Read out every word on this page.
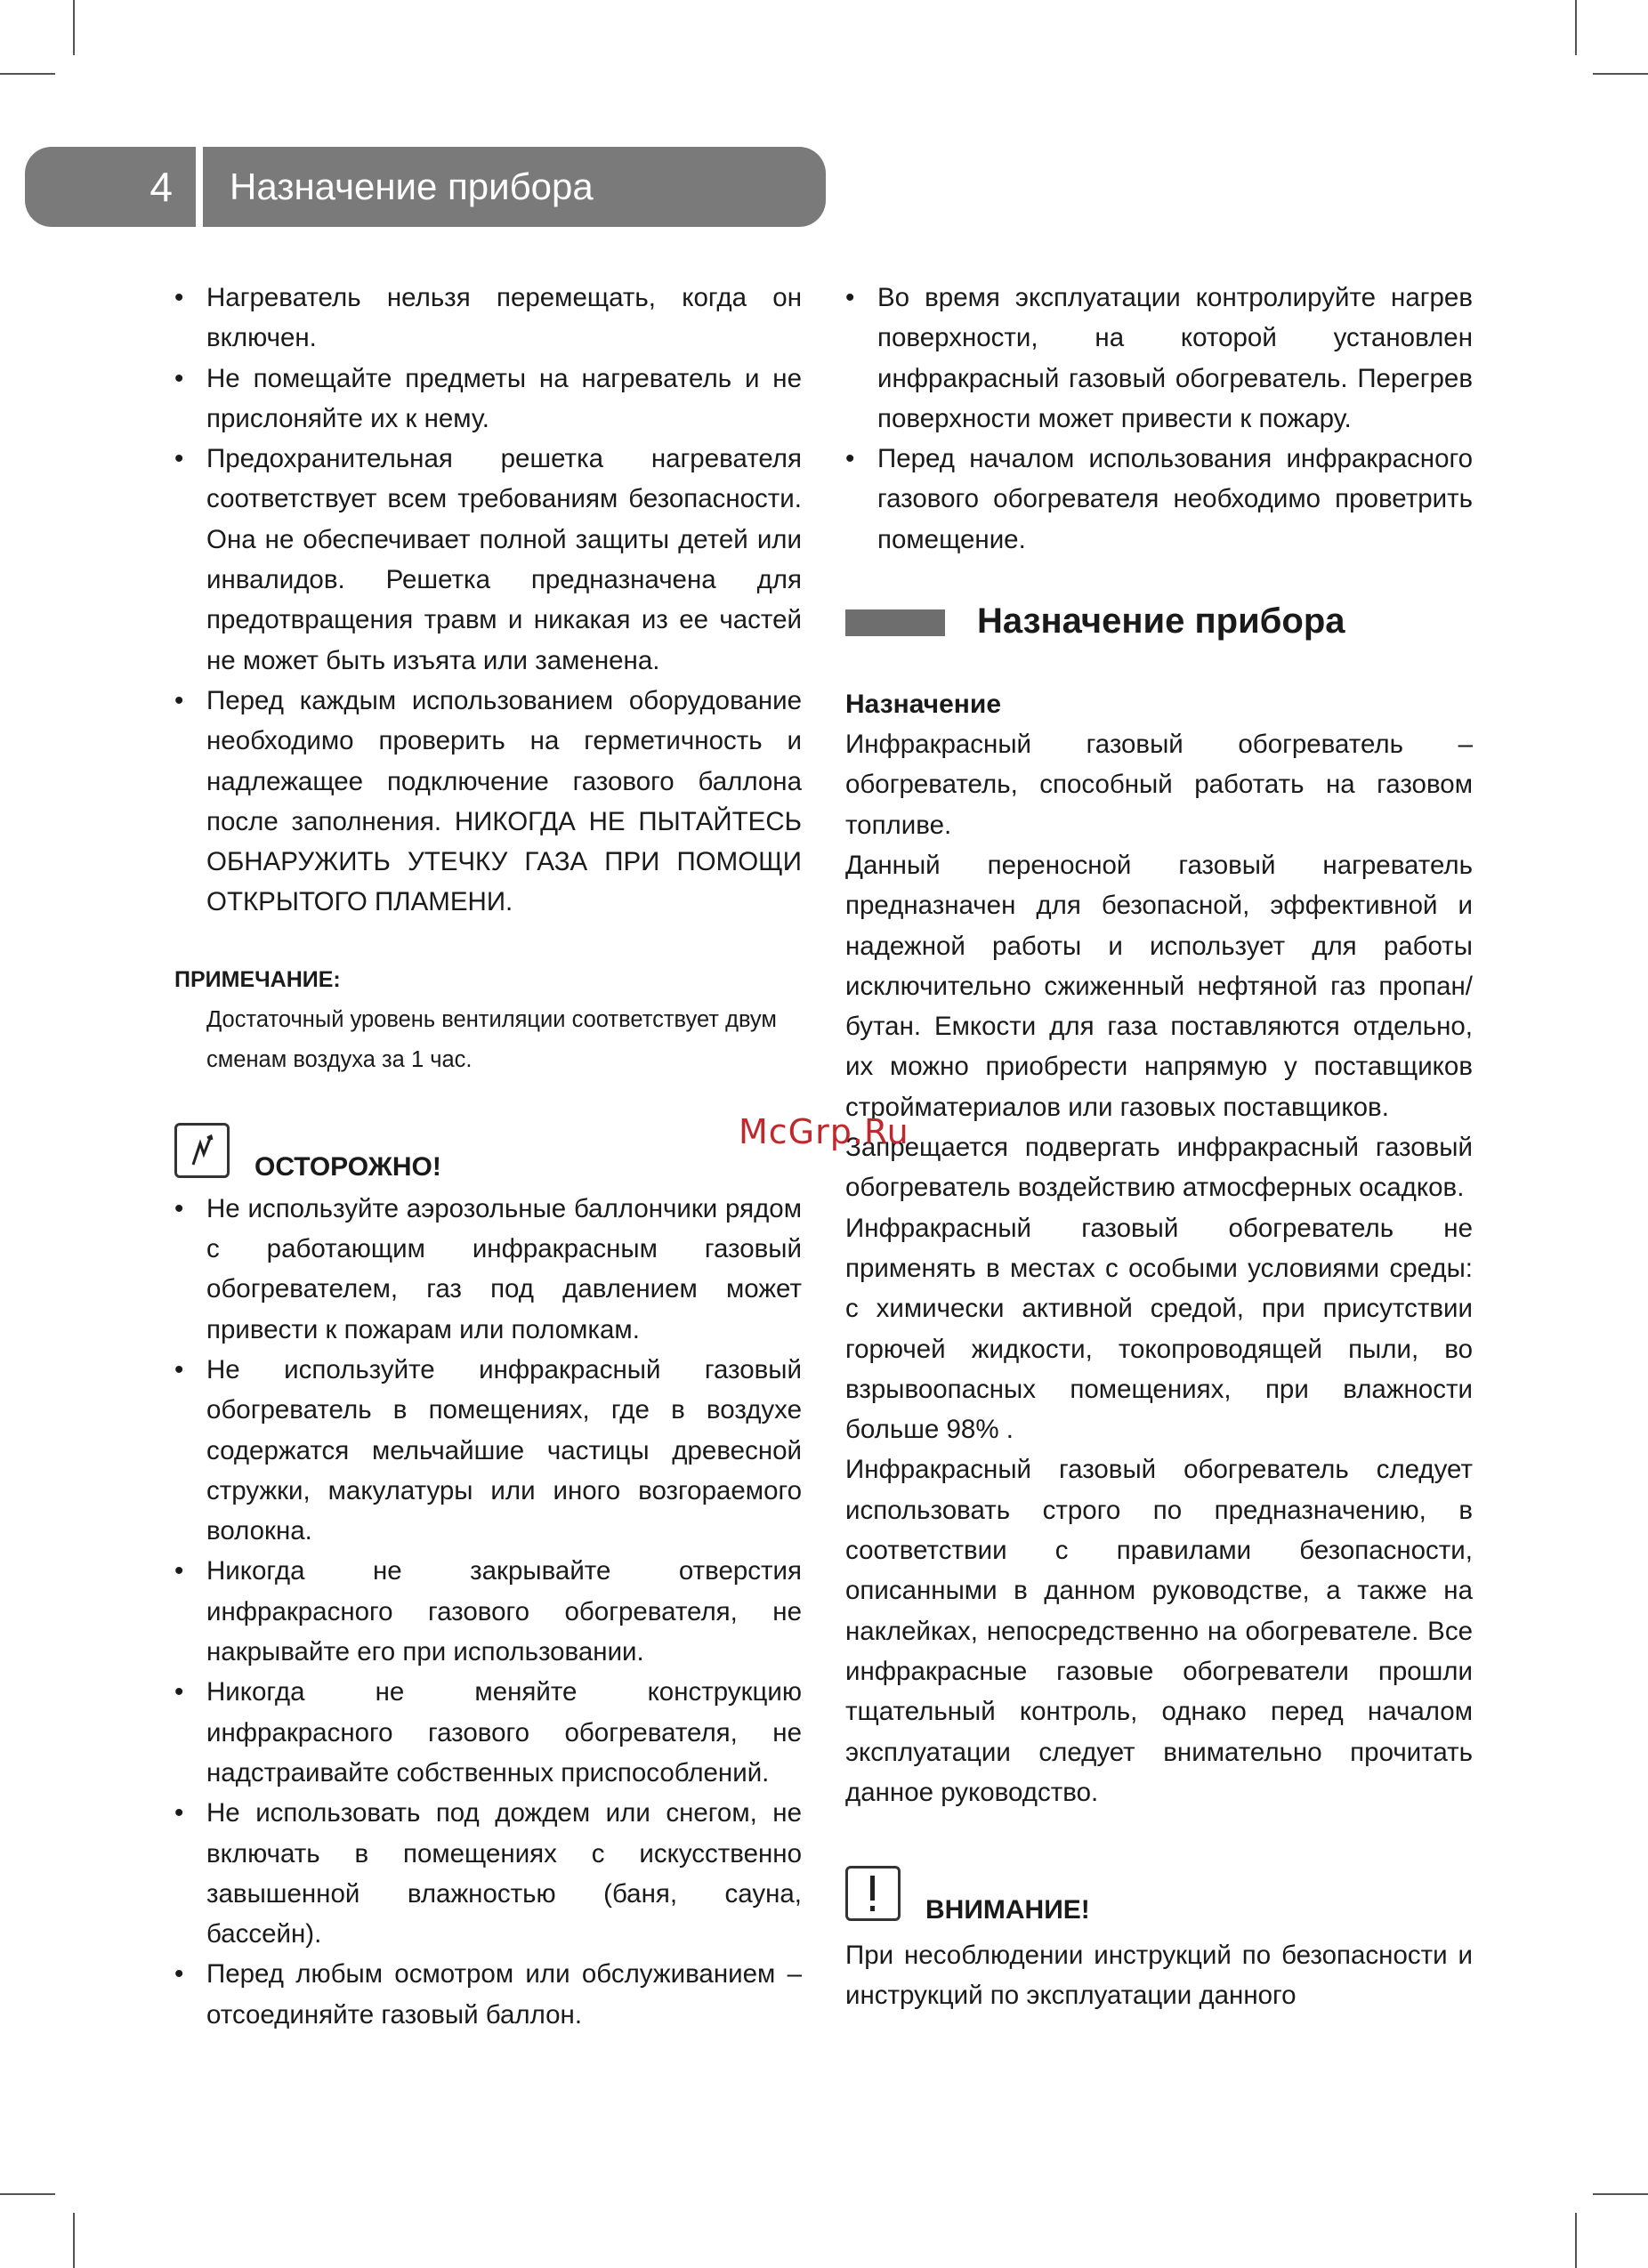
4	Назначение прибора
• Нагреватель нельзя перемещать, когда он включен.
• Не помещайте предметы на нагреватель и не прислоняйте их к нему.
• Предохранительная решетка нагревателя соответствует всем требованиям безопасности. Она не обеспечивает полной защиты детей или инвалидов. Решетка предназначена для предотвращения травм и никакая из ее частей не может быть изъята или заменена.
• Перед каждым использованием оборудование необходимо проверить на герметичность и надлежащее подключение газового баллона после заполнения. НИКОГДА НЕ ПЫТАЙТЕСЬ ОБНАРУЖИТЬ УТЕЧКУ ГАЗА ПРИ ПОМОЩИ ОТКРЫТОГО ПЛАМЕНИ.
ПРИМЕЧАНИЕ:
Достаточный уровень вентиляции соответствует двум сменам воздуха за 1 час.
ОСТОРОЖНО!
• Не используйте аэрозольные баллончики рядом с работающим инфракрасным газовый обогревателем, газ под давлением может привести к пожарам или поломкам.
• Не используйте инфракрасный газовый обогреватель в помещениях, где в воздухе содержатся мельчайшие частицы древесной стружки, макулатуры или иного возгораемого волокна.
• Никогда не закрывайте отверстия инфракрасного газового обогревателя, не накрывайте его при использовании.
• Никогда не меняйте конструкцию инфракрасного газового обогревателя, не надстраивайте собственных приспособлений.
• Не использовать под дождем или снегом, не включать в помещениях с искусственно завышенной влажностью (баня, сауна, бассейн).
• Перед любым осмотром или обслуживанием – отсоединяйте газовый баллон.
• Во время эксплуатации контролируйте нагрев поверхности, на которой установлен инфракрасный газовый обогреватель. Перегрев поверхности может привести к пожару.
• Перед началом использования инфракрасного газового обогревателя необходимо проветрить помещение.
Назначение прибора
Назначение

Инфракрасный газовый обогреватель – обогреватель, способный работать на газовом топливе.

Данный переносной газовый нагреватель предназначен для безопасной, эффективной и надежной работы и использует для работы исключительно сжиженный нефтяной газ пропан/бутан. Емкости для газа поставляются отдельно, их можно приобрести напрямую у поставщиков стройматериалов или газовых поставщиков.

Запрещается подвергать инфракрасный газовый обогреватель воздействию атмосферных осадков.

Инфракрасный газовый обогреватель не применять в местах с особыми условиями среды: с химически активной средой, при присутствии горючей жидкости, токопроводящей пыли, во взрывоопасных помещениях, при влажности больше 98% .

Инфракрасный газовый обогреватель следует использовать строго по предназначению, в соответствии с правилами безопасности, описанными в данном руководстве, а также на наклейках, непосредственно на обогревателе. Все инфракрасные газовые обогреватели прошли тщательный контроль, однако перед началом эксплуатации следует внимательно прочитать данное руководство.

ВНИМАНИЕ!

При несоблюдении инструкций по безопасности и инструкций по эксплуатации данного

McGrp.Ru
